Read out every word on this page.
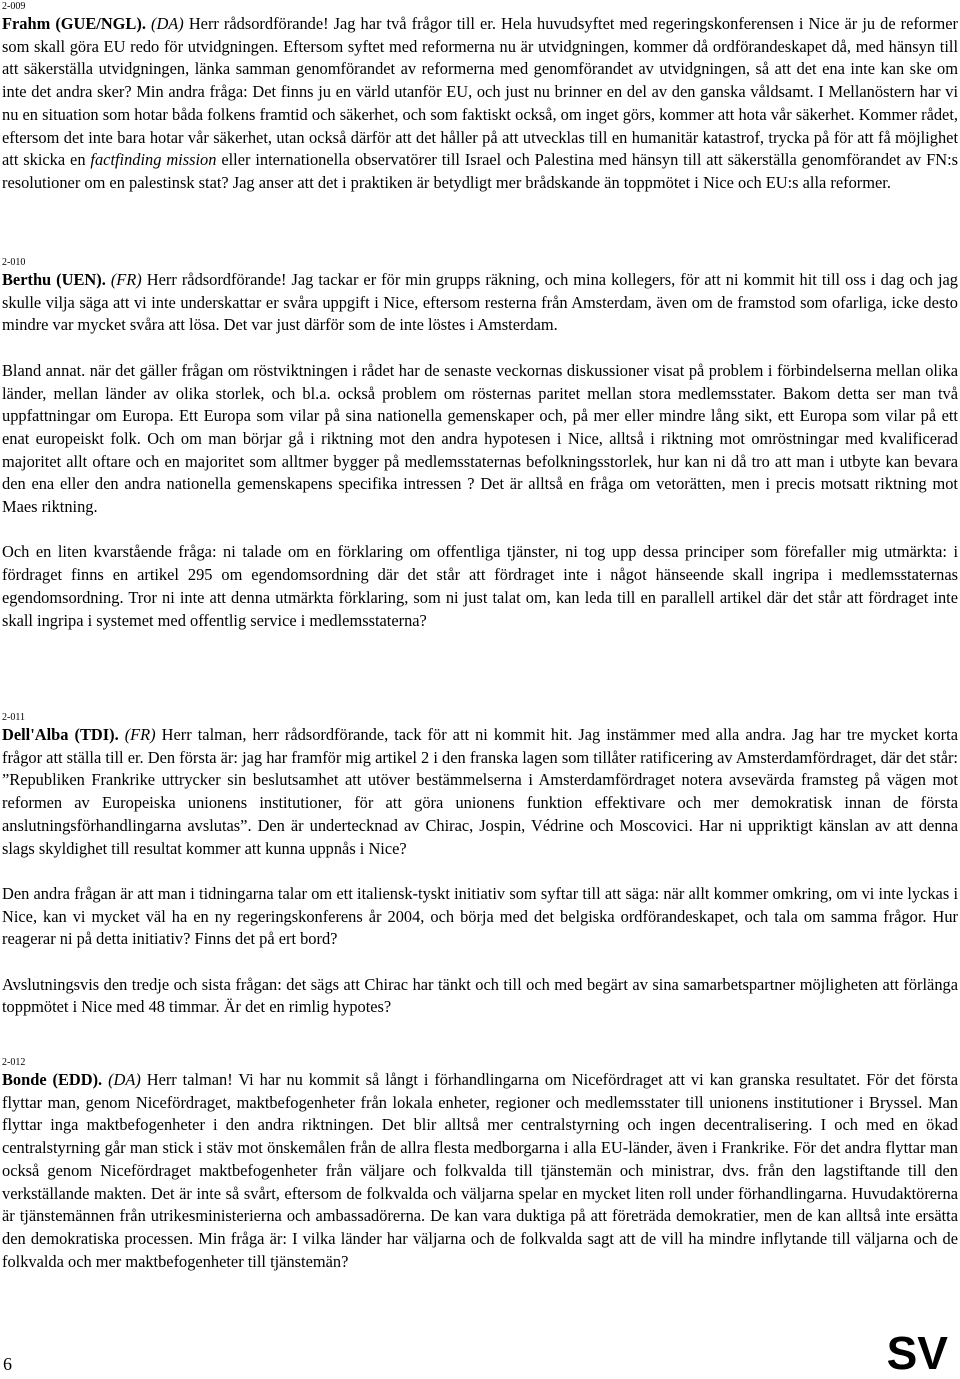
2-009

Frahm (GUE/NGL). (DA) Herr rådsordförande! Jag har två frågor till er. Hela huvudsyftet med regeringskonferensen i Nice är ju de reformer som skall göra EU redo för utvidgningen. Eftersom syftet med reformerna nu är utvidgningen, kommer då ordförandeskapet då, med hänsyn till att säkerställa utvidgningen, länka samman genomförandet av reformerna med genomförandet av utvidgningen, så att det ena inte kan ske om inte det andra sker? Min andra fråga: Det finns ju en värld utanför EU, och just nu brinner en del av den ganska våldsamt. I Mellanöstern har vi nu en situation som hotar båda folkens framtid och säkerhet, och som faktiskt också, om inget görs, kommer att hota vår säkerhet. Kommer rådet, eftersom det inte bara hotar vår säkerhet, utan också därför att det håller på att utvecklas till en humanitär katastrof, trycka på för att få möjlighet att skicka en factfinding mission eller internationella observatörer till Israel och Palestina med hänsyn till att säkerställa genomförandet av FN:s resolutioner om en palestinsk stat? Jag anser att det i praktiken är betydligt mer brådskande än toppmötet i Nice och EU:s alla reformer.

2-010

Berthu (UEN). (FR) Herr rådsordförande! Jag tackar er för min grupps räkning, och mina kollegers, för att ni kommit hit till oss i dag och jag skulle vilja säga att vi inte underskattar er svåra uppgift i Nice, eftersom resterna från Amsterdam, även om de framstod som ofarliga, icke desto mindre var mycket svåra att lösa. Det var just därför som de inte löstes i Amsterdam.

Bland annat. när det gäller frågan om röstviktningen i rådet har de senaste veckornas diskussioner visat på problem i förbindelserna mellan olika länder, mellan länder av olika storlek, och bl.a. också problem om rösternas paritet mellan stora medlemsstater. Bakom detta ser man två uppfattningar om Europa. Ett Europa som vilar på sina nationella gemenskaper och, på mer eller mindre lång sikt, ett Europa som vilar på ett enat europeiskt folk. Och om man börjar gå i riktning mot den andra hypotesen i Nice, alltså i riktning mot omröstningar med kvalificerad majoritet allt oftare och en majoritet som alltmer bygger på medlemsstaternas befolkningsstorlek, hur kan ni då tro att man i utbyte kan bevara den ena eller den andra nationella gemenskapens specifika intressen ? Det är alltså en fråga om vetorätten, men i precis motsatt riktning mot Maes riktning.

Och en liten kvarstående fråga: ni talade om en förklaring om offentliga tjänster, ni tog upp dessa principer som förefaller mig utmärkta: i fördraget finns en artikel 295 om egendomsordning där det står att fördraget inte i något hänseende skall ingripa i medlemsstaternas egendomsordning. Tror ni inte att denna utmärkta förklaring, som ni just talat om, kan leda till en parallell artikel där det står att fördraget inte skall ingripa i systemet med offentlig service i medlemsstaterna?

2-011

Dell'Alba (TDI). (FR) Herr talman, herr rådsordförande, tack för att ni kommit hit. Jag instämmer med alla andra. Jag har tre mycket korta frågor att ställa till er. Den första är: jag har framför mig artikel 2 i den franska lagen som tillåter ratificering av Amsterdamfördraget, där det står: ”Republiken Frankrike uttrycker sin beslutsamhet att utöver bestämmelserna i Amsterdamfördraget notera avsevärda framsteg på vägen mot reformen av Europeiska unionens institutioner, för att göra unionens funktion effektivare och mer demokratisk innan de första anslutningsförhandlingarna avslutas”. Den är undertecknad av Chirac, Jospin, Védrine och Moscovici. Har ni uppriktigt känslan av att denna slags skyldighet till resultat kommer att kunna uppnås i Nice?

Den andra frågan är att man i tidningarna talar om ett italiensk-tyskt initiativ som syftar till att säga: när allt kommer omkring, om vi inte lyckas i Nice, kan vi mycket väl ha en ny regeringskonferens år 2004, och börja med det belgiska ordförandeskapet, och tala om samma frågor. Hur reagerar ni på detta initiativ? Finns det på ert bord?

Avslutningsvis den tredje och sista frågan: det sägs att Chirac har tänkt och till och med begärt av sina samarbetspartner möjligheten att förlänga toppmötet i Nice med 48 timmar. Är det en rimlig hypotes?

2-012

Bonde (EDD). (DA) Herr talman! Vi har nu kommit så långt i förhandlingarna om Nicefördraget att vi kan granska resultatet. För det första flyttar man, genom Nicefördraget, maktbefogenheter från lokala enheter, regioner och medlemsstater till unionens institutioner i Bryssel. Man flyttar inga maktbefogenheter i den andra riktningen. Det blir alltså mer centralstyrning och ingen decentralisering. I och med en ökad centralstyrning går man stick i stäv mot önskemålen från de allra flesta medborgarna i alla EU-länder, även i Frankrike. För det andra flyttar man också genom Nicefördraget maktbefogenheter från väljare och folkvalda till tjänstemän och ministrar, dvs. från den lagstiftande till den verkställande makten. Det är inte så svårt, eftersom de folkvalda och väljarna spelar en mycket liten roll under förhandlingarna. Huvudaktörerna är tjänstemännen från utrikesministerierna och ambassadörerna. De kan vara duktiga på att företräda demokratier, men de kan alltså inte ersätta den demokratiska processen. Min fråga är: I vilka länder har väljarna och de folkvalda sagt att de vill ha mindre inflytande till väljarna och de folkvalda och mer maktbefogenheter till tjänstemän?

6	SV
